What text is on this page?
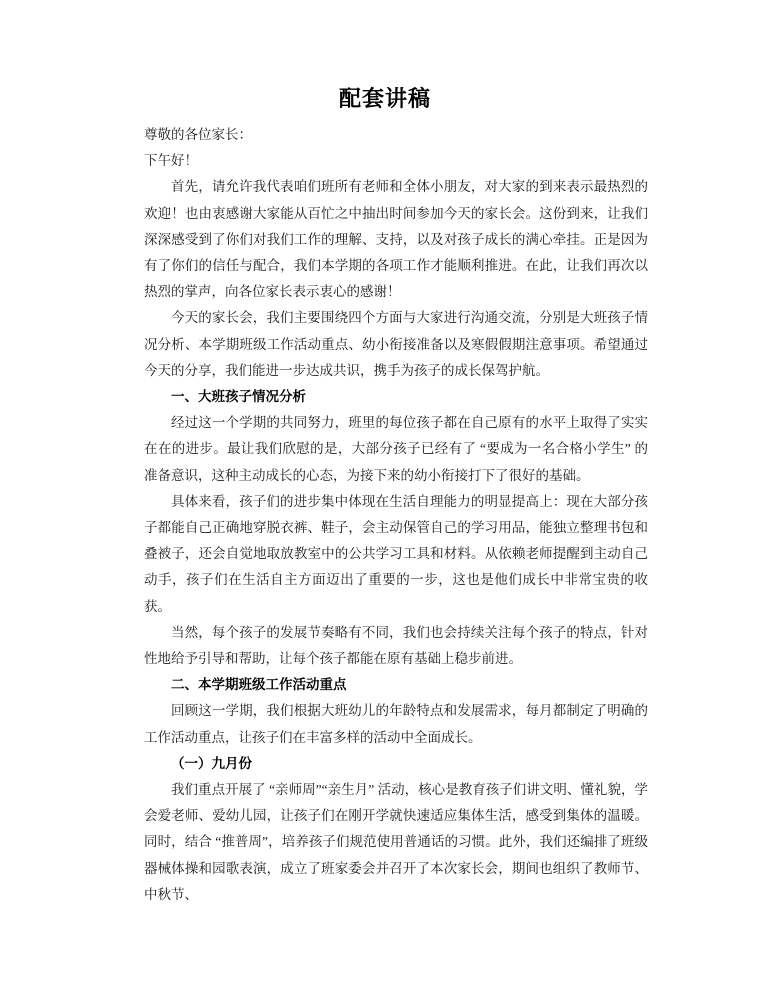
配套讲稿

尊敬的各位家长：

下午好！

首先，请允许我代表咱们班所有老师和全体小朋友，对大家的到来表示最热烈的欢迎！也由衷感谢大家能从百忙之中抽出时间参加今天的家长会。这份到来，让我们深深感受到了你们对我们工作的理解、支持，以及对孩子成长的满心牵挂。正是因为有了你们的信任与配合，我们本学期的各项工作才能顺利推进。在此，让我们再次以热烈的掌声，向各位家长表示衷心的感谢！

今天的家长会，我们主要围绕四个方面与大家进行沟通交流，分别是大班孩子情况分析、本学期班级工作活动重点、幼小衔接准备以及寒假假期注意事项。希望通过今天的分享，我们能进一步达成共识，携手为孩子的成长保驾护航。

一、大班孩子情况分析

经过这一个学期的共同努力，班里的每位孩子都在自己原有的水平上取得了实实在在的进步。最让我们欣慰的是，大部分孩子已经有了 “要成为一名合格小学生” 的准备意识，这种主动成长的心态，为接下来的幼小衔接打下了很好的基础。

具体来看，孩子们的进步集中体现在生活自理能力的明显提高上：现在大部分孩子都能自己正确地穿脱衣裤、鞋子，会主动保管自己的学习用品，能独立整理书包和叠被子，还会自觉地取放教室中的公共学习工具和材料。从依赖老师提醒到主动自己动手，孩子们在生活自主方面迈出了重要的一步，这也是他们成长中非常宝贵的收获。

当然，每个孩子的发展节奏略有不同，我们也会持续关注每个孩子的特点，针对性地给予引导和帮助，让每个孩子都能在原有基础上稳步前进。

二、本学期班级工作活动重点

回顾这一学期，我们根据大班幼儿的年龄特点和发展需求，每月都制定了明确的工作活动重点，让孩子们在丰富多样的活动中全面成长。

（一）九月份

我们重点开展了 “亲师周”“亲生月” 活动，核心是教育孩子们讲文明、懂礼貌，学会爱老师、爱幼儿园，让孩子们在刚开学就快速适应集体生活，感受到集体的温暖。同时，结合 “推普周”，培养孩子们规范使用普通话的习惯。此外，我们还编排了班级器械体操和园歌表演，成立了班家委会并召开了本次家长会，期间也组织了教师节、中秋节、
